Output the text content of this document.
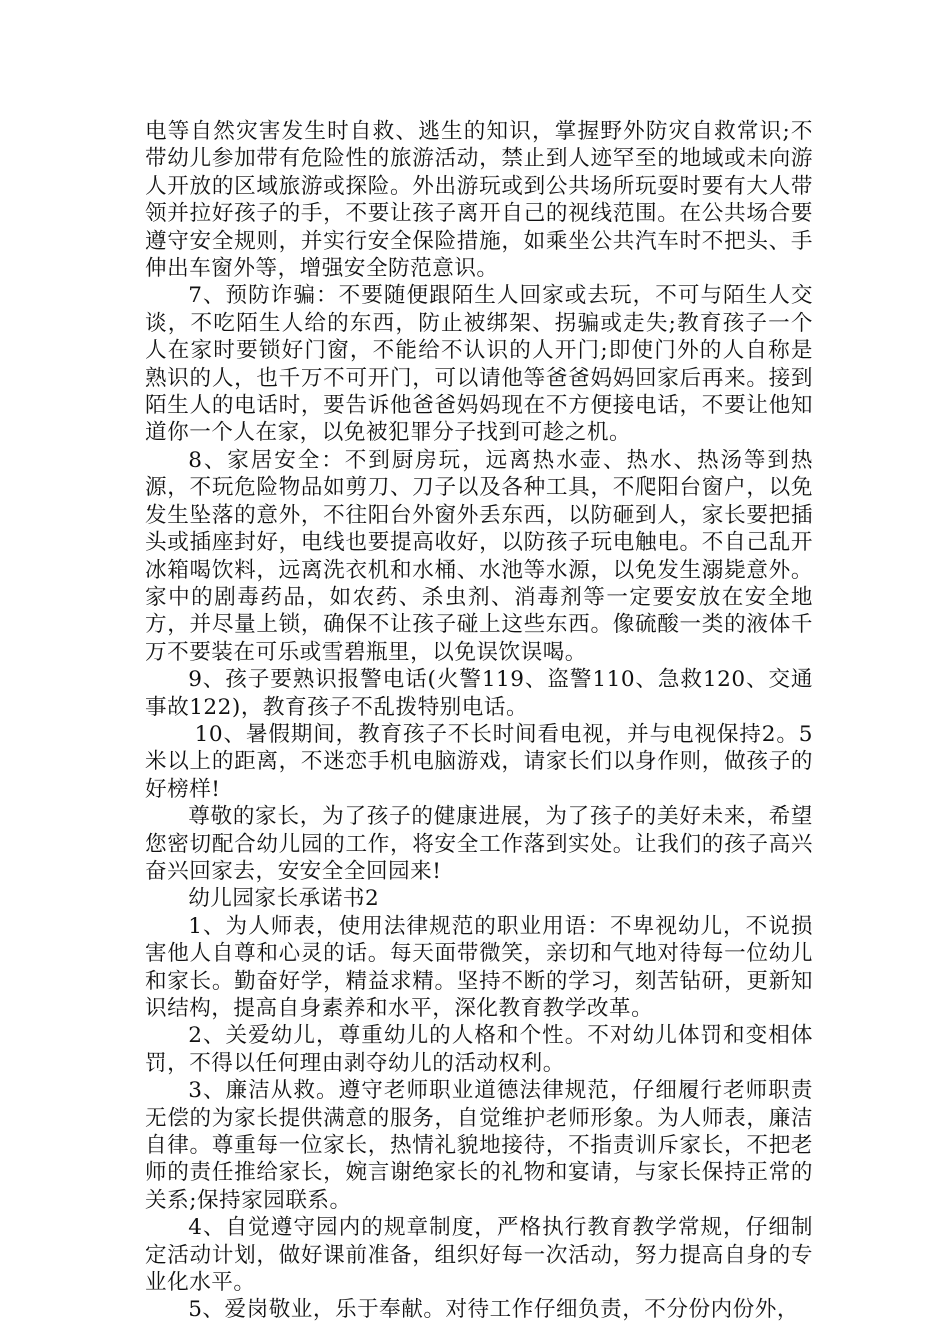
电等自然灾害发生时自救、逃生的知识，掌握野外防灾自救常识;不带幼儿参加带有危险性的旅游活动，禁止到人迹罕至的地域或未向游人开放的区域旅游或探险。外出游玩或到公共场所玩耍时要有大人带领并拉好孩子的手，不要让孩子离开自己的视线范围。在公共场合要遵守安全规则，并实行安全保险措施，如乘坐公共汽车时不把头、手伸出车窗外等，增强安全防范意识。

7、预防诈骗：不要随便跟陌生人回家或去玩，不可与陌生人交谈，不吃陌生人给的东西，防止被绑架、拐骗或走失;教育孩子一个人在家时要锁好门窗，不能给不认识的人开门;即使门外的人自称是熟识的人，也千万不可开门，可以请他等爸爸妈妈回家后再来。接到陌生人的电话时，要告诉他爸爸妈妈现在不方便接电话，不要让他知道你一个人在家，以免被犯罪分子找到可趁之机。

8、家居安全：不到厨房玩，远离热水壶、热水、热汤等到热源，不玩危险物品如剪刀、刀子以及各种工具，不爬阳台窗户，以免发生坠落的意外，不往阳台外窗外丢东西，以防砸到人，家长要把插头或插座封好，电线也要提高收好，以防孩子玩电触电。不自己乱开冰箱喝饮料，远离洗衣机和水桶、水池等水源，以免发生溺毙意外。家中的剧毒药品，如农药、杀虫剂、消毒剂等一定要安放在安全地方，并尽量上锁，确保不让孩子碰上这些东西。像硫酸一类的液体千万不要装在可乐或雪碧瓶里，以免误饮误喝。

9、孩子要熟识报警电话(火警119、盗警110、急救120、交通事故122)，教育孩子不乱拨特别电话。

10、暑假期间，教育孩子不长时间看电视，并与电视保持2。5米以上的距离，不迷恋手机电脑游戏，请家长们以身作则，做孩子的好榜样!

尊敬的家长，为了孩子的健康进展，为了孩子的美好未来，希望您密切配合幼儿园的工作，将安全工作落到实处。让我们的孩子高兴奋兴回家去，安安全全回园来!

幼儿园家长承诺书2

1、为人师表，使用法律规范的职业用语：不卑视幼儿，不说损害他人自尊和心灵的话。每天面带微笑，亲切和气地对待每一位幼儿和家长。勤奋好学，精益求精。坚持不断的学习，刻苦钻研，更新知识结构，提高自身素养和水平，深化教育教学改革。

2、关爱幼儿，尊重幼儿的人格和个性。不对幼儿体罚和变相体罚，不得以任何理由剥夺幼儿的活动权利。

3、廉洁从救。遵守老师职业道德法律规范，仔细履行老师职责无偿的为家长提供满意的服务，自觉维护老师形象。为人师表，廉洁自律。尊重每一位家长，热情礼貌地接待，不指责训斥家长，不把老师的责任推给家长，婉言谢绝家长的礼物和宴请，与家长保持正常的关系;保持家园联系。

4、自觉遵守园内的规章制度，严格执行教育教学常规，仔细制定活动计划，做好课前准备，组织好每一次活动，努力提高自身的专业化水平。

5、爱岗敬业，乐于奉献。对待工作仔细负责，不分份内份外，
